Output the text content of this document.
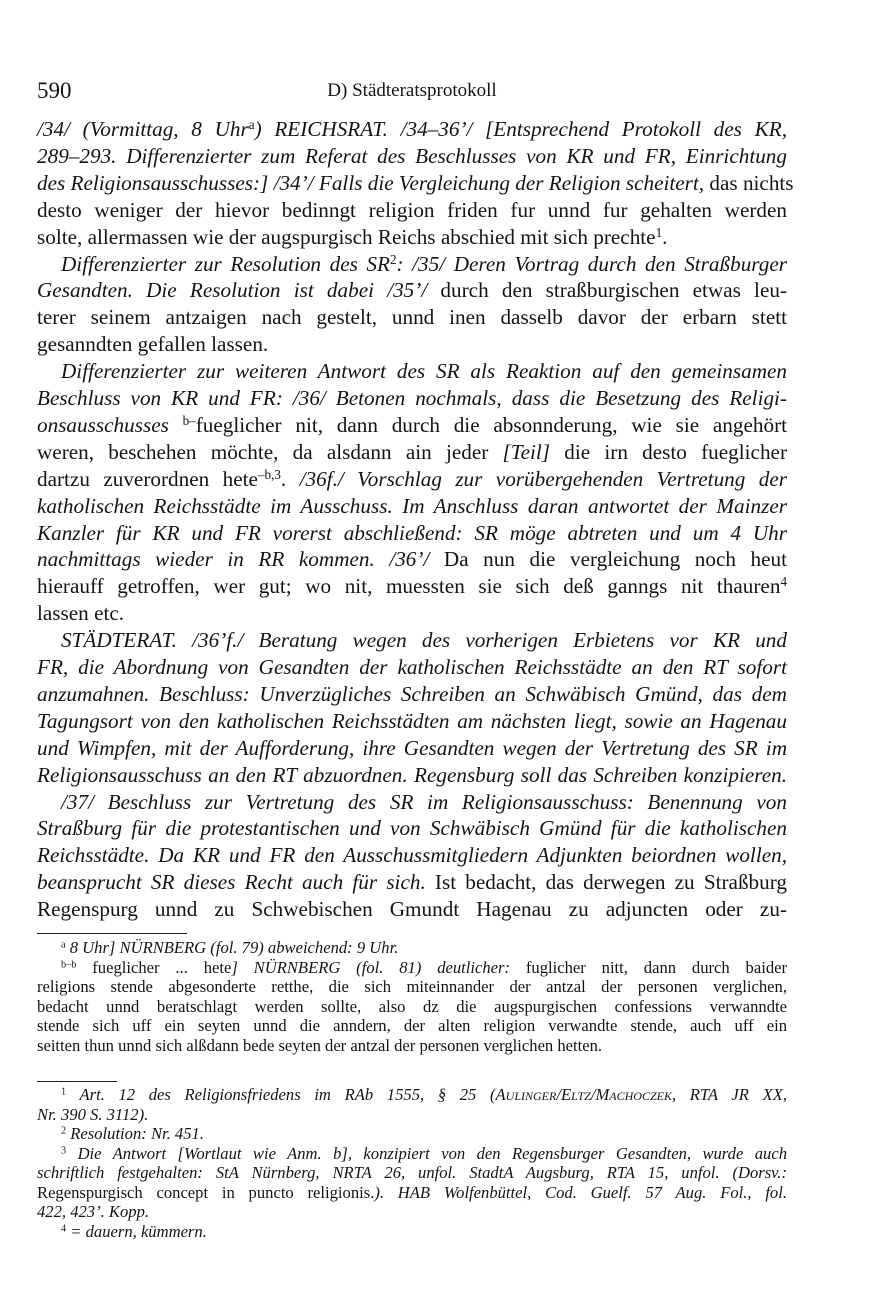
590	D) Städteratsprotokoll
/34/ (Vormittag, 8 Uhr$^a$) REICHSRAT. /34–36’/ [Entsprechend Protokoll des KR,
289–293. Differenzierter zum Referat des Beschlusses von KR und FR, Einrichtung
des Religionsausschusses:] /34’/ Falls die Vergleichung der Religion scheitert, das nichts
desto weniger der hievor bedinngt religion friden fur unnd fur gehalten werden
solte, allermassen wie der augspurgisch Reichs abschied mit sich prechte$^1$.
Differenzierter zur Resolution des $SR^2$: /35/ Deren Vortrag durch den Straßburger
Gesandten. Die Resolution ist dabei /35’/ durch den straßburgischen etwas leu-
terer seinem antzaigen nach gestelt, unnd inen dasselb davor der erbarn stett
gesanndten gefallen lassen.
Differenzierter zur weiteren Antwort des SR als Reaktion auf den gemeinsamen
Beschluss von KR und FR: /36/ Betonen nochmals, dass die Besetzung des Religi-
onsausschusses $^{b-}$fueglicher nit, dann durch die absonnderung, wie sie angehört
weren, beschehen möchte, da alsdann ain jeder [Teil] die irn desto fueglicher
dartzu zuverordnen hete$^{-b,3}$. /36f./ Vorschlag zur vorübergehenden Vertretung der
katholischen Reichsstädte im Ausschuss. Im Anschluss daran antwortet der Mainzer
Kanzler für KR und FR vorerst abschließend: SR möge abtreten und um 4 Uhr
nachmittags wieder in RR kommen. /36’/ Da nun die vergleichung noch heut
hierauff getroffen, wer gut; wo nit, muessten sie sich deß ganngs nit thauren$^4$
lassen etc.
STÄDTERAT. /36’f./ Beratung wegen des vorherigen Erbietens vor KR und
FR, die Abordnung von Gesandten der katholischen Reichsstädte an den RT sofort
anzumahnen. Beschluss: Unverzügliches Schreiben an Schwäbisch Gmünd, das dem
Tagungsort von den katholischen Reichsstädten am nächsten liegt, sowie an Hagenau
und Wimpfen, mit der Aufforderung, ihre Gesandten wegen der Vertretung des SR im
Religionsausschuss an den RT abzuordnen. Regensburg soll das Schreiben konzipieren.
/37/ Beschluss zur Vertretung des SR im Religionsausschuss: Benennung von
Straßburg für die protestantischen und von Schwäbisch Gmünd für die katholischen
Reichsstädte. Da KR und FR den Ausschussmitgliedern Adjunkten beiordnen wollen,
beansprucht SR dieses Recht auch für sich. Ist bedacht, das derwegen zu Straßburg
Regenspurg unnd zu Schwebischen Gmundt Hagenau zu adjuncten oder zu-
$^a$ 8 Uhr] NÜRNBERG (fol. 79) abweichend: 9 Uhr.
$^{b-b}$ fueglicher ... hete] NÜRNBERG (fol. 81) deutlicher: fuglicher nitt, dann durch baider
religions stende abgesonderte retthe, die sich miteinnander der antzal der personen verglichen,
bedacht unnd beratschlagt werden sollte, also dz die augspurgischen confessions verwanndte
stende sich uff ein seyten unnd die anndern, der alten religion verwandte stende, auch uff ein
seitten thun unnd sich alßdann bede seyten der antzal der personen verglichen hetten.
$^1$ Art. 12 des Religionsfriedens im RAb 1555, § 25 (Aulinger/Eltz/Machoczek, RTA JR XX,
Nr. 390 S. 3112).
$^2$ Resolution: Nr. 451.
$^3$ Die Antwort [Wortlaut wie Anm. b], konzipiert von den Regensburger Gesandten, wurde auch
schriftlich festgehalten: StA Nürnberg, NRTA 26, unfol. StadtA Augsburg, RTA 15, unfol. (Dorsv.:
Regenspurgisch concept in puncto religionis.). HAB Wolfenbüttel, Cod. Guelf. 57 Aug. Fol., fol.
422, 423’. Kopp.
$^4$ = dauern, kümmern.
